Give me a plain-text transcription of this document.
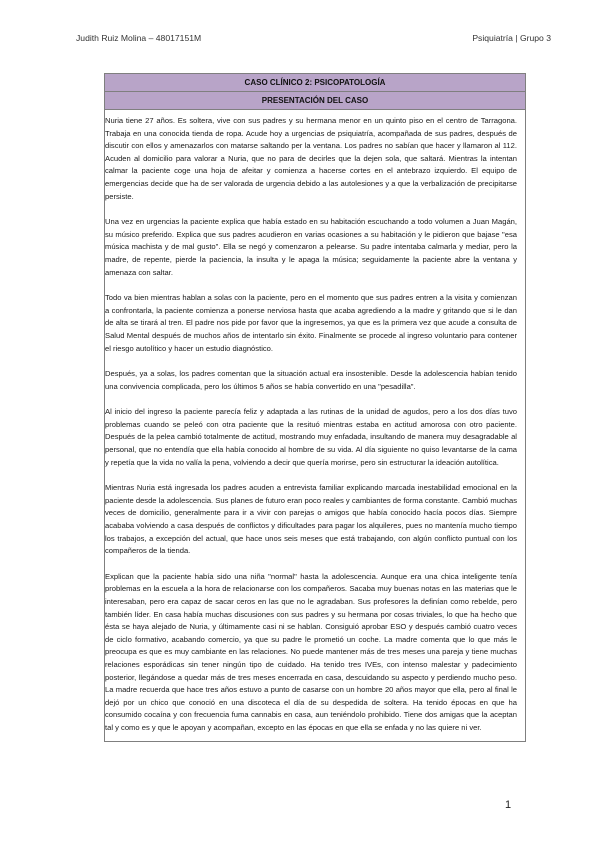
Judith Ruiz Molina – 48017151M	Psiquiatría | Grupo 3
CASO CLÍNICO 2: PSICOPATOLOGÍA
PRESENTACIÓN DEL CASO

Nuria tiene 27 años. Es soltera, vive con sus padres y su hermana menor en un quinto piso en el centro de Tarragona. Trabaja en una conocida tienda de ropa. Acude hoy a urgencias de psiquiatría, acompañada de sus padres, después de discutir con ellos y amenazarlos con matarse saltando per la ventana. Los padres no sabían que hacer y llamaron al 112. Acuden al domicilio para valorar a Nuria, que no para de decirles que la dejen sola, que saltará. Mientras la intentan calmar la paciente coge una hoja de afeitar y comienza a hacerse cortes en el antebrazo izquierdo. El equipo de emergencias decide que ha de ser valorada de urgencia debido a las autolesiones y a que la verbalización de precipitarse persiste.

Una vez en urgencias la paciente explica que había estado en su habitación escuchando a todo volumen a Juan Magán, su músico preferido. Explica que sus padres acudieron en varias ocasiones a su habitación y le pidieron que bajase "esa música machista y de mal gusto". Ella se negó y comenzaron a pelearse. Su padre intentaba calmarla y mediar, pero la madre, de repente, pierde la paciencia, la insulta y le apaga la música; seguidamente la paciente abre la ventana y amenaza con saltar.

Todo va bien mientras hablan a solas con la paciente, pero en el momento que sus padres entren a la visita y comienzan a confrontarla, la paciente comienza a ponerse nerviosa hasta que acaba agrediendo a la madre y gritando que si le dan de alta se tirará al tren. El padre nos pide por favor que la ingresemos, ya que es la primera vez que acude a consulta de Salud Mental después de muchos años de intentarlo sin éxito. Finalmente se procede al ingreso voluntario para contener el riesgo autolítico y hacer un estudio diagnóstico.

Después, ya a solas, los padres comentan que la situación actual era insostenible. Desde la adolescencia habían tenido una convivencia complicada, pero los últimos 5 años se había convertido en una "pesadilla".

Al inicio del ingreso la paciente parecía feliz y adaptada a las rutinas de la unidad de agudos, pero a los dos días tuvo problemas cuando se peleó con otra paciente que la resituó mientras estaba en actitud amorosa con otro paciente. Después de la pelea cambió totalmente de actitud, mostrando muy enfadada, insultando de manera muy desagradable al personal, que no entendía que ella había conocido al hombre de su vida. Al día siguiente no quiso levantarse de la cama y repetía que la vida no valía la pena, volviendo a decir que quería morirse, pero sin estructurar la ideación autolítica.

Mientras Nuria está ingresada los padres acuden a entrevista familiar explicando marcada inestabilidad emocional en la paciente desde la adolescencia. Sus planes de futuro eran poco reales y cambiantes de forma constante. Cambió muchas veces de domicilio, generalmente para ir a vivir con parejas o amigos que había conocido hacía pocos días. Siempre acababa volviendo a casa después de conflictos y dificultades para pagar los alquileres, pues no mantenía mucho tiempo los trabajos, a excepción del actual, que hace unos seis meses que está trabajando, con algún conflicto puntual con los compañeros de la tienda.

Explican que la paciente había sido una niña "normal" hasta la adolescencia. Aunque era una chica inteligente tenía problemas en la escuela a la hora de relacionarse con los compañeros. Sacaba muy buenas notas en las materias que le interesaban, pero era capaz de sacar ceros en las que no le agradaban. Sus profesores la definían como rebelde, pero también líder. En casa había muchas discusiones con sus padres y su hermana por cosas triviales, lo que ha hecho que ésta se haya alejado de Nuria, y últimamente casi ni se hablan. Consiguió aprobar ESO y después cambió cuatro veces de ciclo formativo, acabando comercio, ya que su padre le prometió un coche. La madre comenta que lo que más le preocupa es que es muy cambiante en las relaciones. No puede mantener más de tres meses una pareja y tiene muchas relaciones esporádicas sin tener ningún tipo de cuidado. Ha tenido tres IVEs, con intenso malestar y padecimiento posterior, llegándose a quedar más de tres meses encerrada en casa, descuidando su aspecto y perdiendo mucho peso. La madre recuerda que hace tres años estuvo a punto de casarse con un hombre 20 años mayor que ella, pero al final le dejó por un chico que conoció en una discoteca el día de su despedida de soltera. Ha tenido épocas en que ha consumido cocaína y con frecuencia fuma cannabis en casa, aun teniéndolo prohibido. Tiene dos amigas que la aceptan tal y como es y que le apoyan y acompañan, excepto en las épocas en que ella se enfada y no las quiere ni ver.

1
